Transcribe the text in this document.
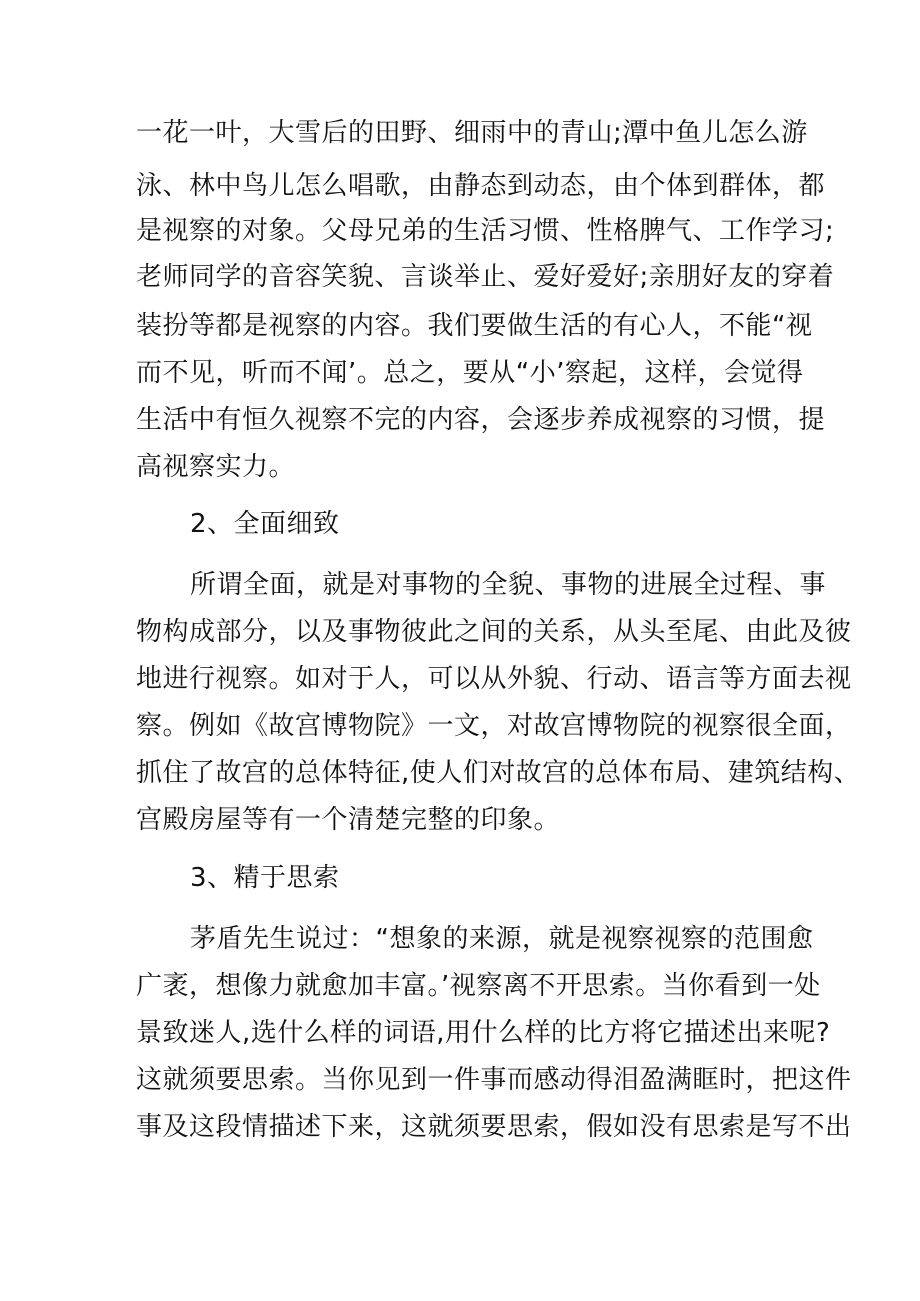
一花一叶，大雪后的田野、细雨中的青山;潭中鱼儿怎么游

泳、林中鸟儿怎么唱歌，由静态到动态，由个体到群体，都

是视察的对象。父母兄弟的生活习惯、性格脾气、工作学习;

老师同学的音容笑貌、言谈举止、爱好爱好;亲朋好友的穿着

装扮等都是视察的内容。我们要做生活的有心人，不能“视

而不见，听而不闻’。总之，要从“小’察起，这样，会觉得

生活中有恒久视察不完的内容，会逐步养成视察的习惯，提

高视察实力。

2、全面细致

所谓全面，就是对事物的全貌、事物的进展全过程、事

物构成部分，以及事物彼此之间的关系，从头至尾、由此及彼

地进行视察。如对于人，可以从外貌、行动、语言等方面去视

察。例如《故宫博物院》一文，对故宫博物院的视察很全面，

抓住了故宫的总体特征,使人们对故宫的总体布局、建筑结构、

宫殿房屋等有一个清楚完整的印象。

3、精于思索

茅盾先生说过：“想象的来源，就是视察视察的范围愈

广袤，想像力就愈加丰富。’视察离不开思索。当你看到一处

景致迷人,选什么样的词语,用什么样的比方将它描述出来呢?

这就须要思索。当你见到一件事而感动得泪盈满眶时，把这件

事及这段情描述下来，这就须要思索，假如没有思索是写不出
